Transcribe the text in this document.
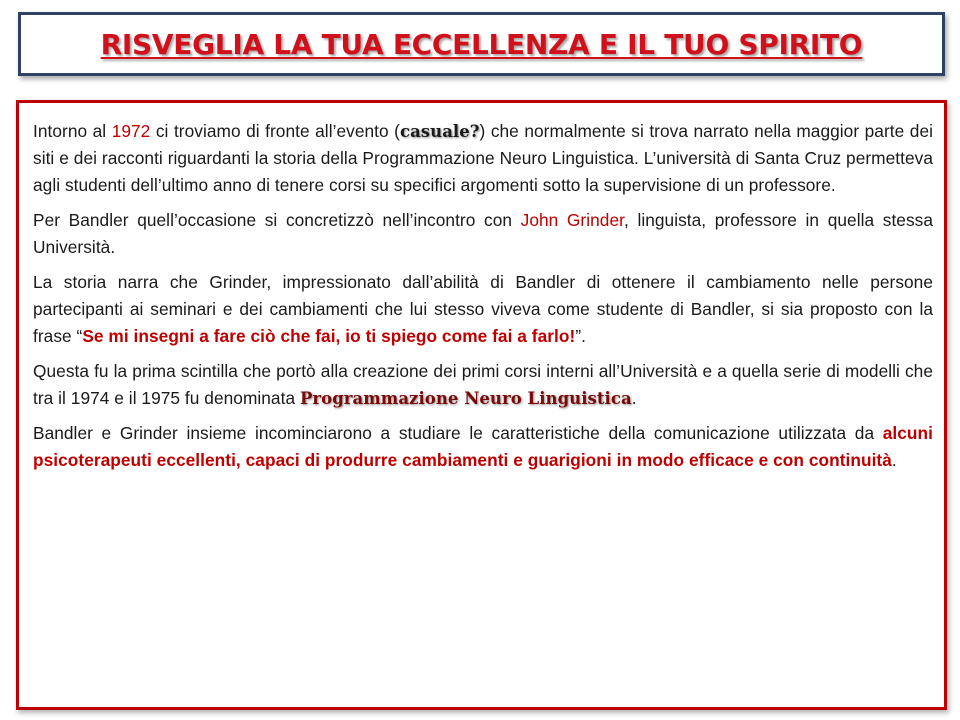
RISVEGLIA LA TUA ECCELLENZA E IL TUO SPIRITO

Intorno al 1972 ci troviamo di fronte all’evento (casuale?) che normalmente si trova narrato nella maggior parte dei siti e dei racconti riguardanti la storia della Programmazione Neuro Linguistica. L’università di Santa Cruz permetteva agli studenti dell’ultimo anno di tenere corsi su specifici argomenti sotto la supervisione di un professore.

Per Bandler quell’occasione si concretizzò nell’incontro con John Grinder, linguista, professore in quella stessa Università.

La storia narra che Grinder, impressionato dall’abilità di Bandler di ottenere il cambiamento nelle persone partecipanti ai seminari e dei cambiamenti che lui stesso viveva come studente di Bandler, si sia proposto con la frase “Se mi insegni a fare ciò che fai, io ti spiego come fai a farlo!”.

Questa fu la prima scintilla che portò alla creazione dei primi corsi interni all’Università e a quella serie di modelli che tra il 1974 e il 1975 fu denominata Programmazione Neuro Linguistica.

Bandler e Grinder insieme incominciarono a studiare le caratteristiche della comunicazione utilizzata da alcuni psicoterapeuti eccellenti, capaci di produrre cambiamenti e guarigioni in modo efficace e con continuità.
